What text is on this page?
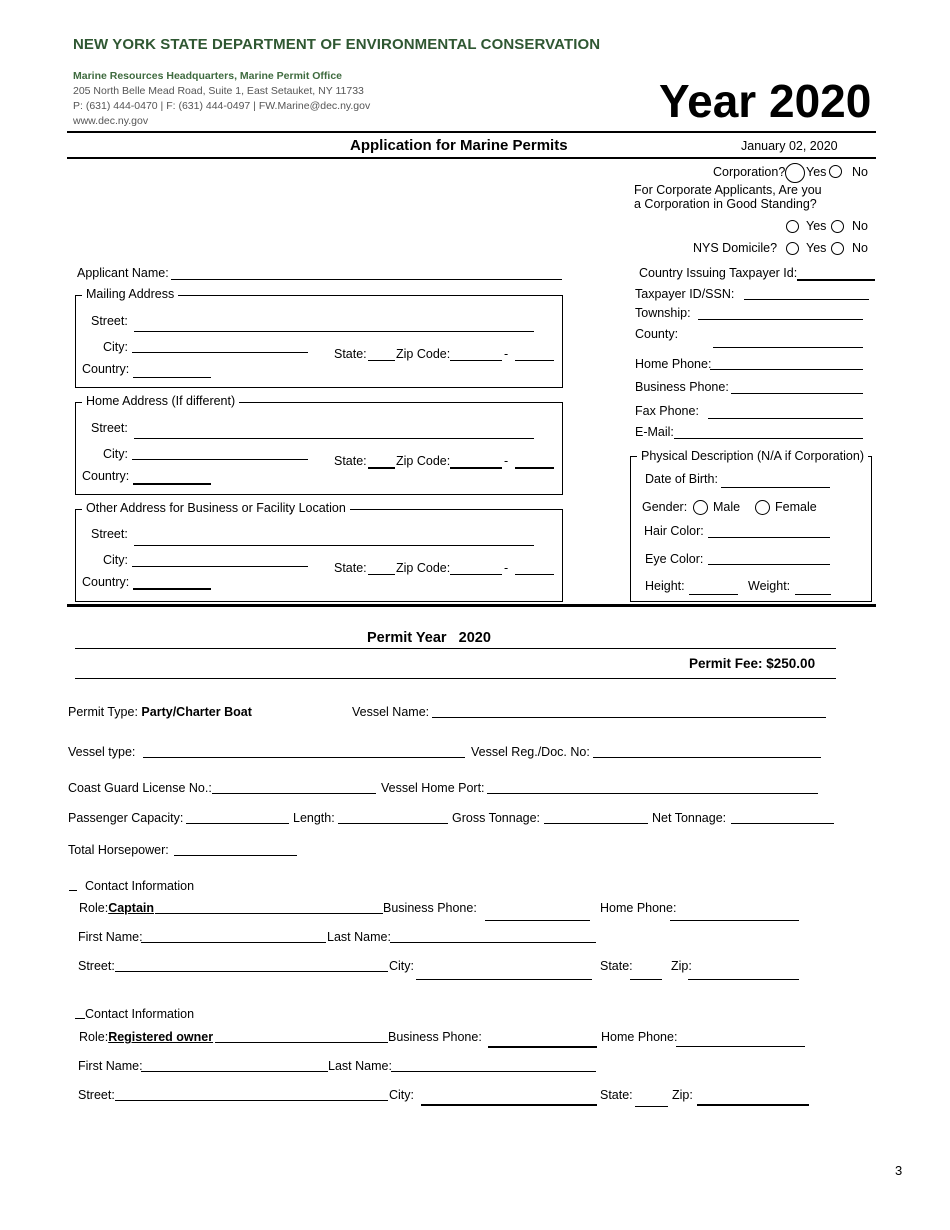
NEW YORK STATE DEPARTMENT OF ENVIRONMENTAL CONSERVATION
Marine Resources Headquarters, Marine Permit Office
205 North Belle Mead Road, Suite 1, East Setauket, NY 11733
P: (631) 444-0470 | F: (631) 444-0497 | FW.Marine@dec.ny.gov
www.dec.ny.gov	Year 2020
Application for Marine Permits	January 02, 2020
Corporation? Yes No
For Corporate Applicants, Are you
a Corporation in Good Standing?
Yes No
NYS Domicile? Yes No
Applicant Name:
Mailing Address
Street:
City:	State: Zip Code:	-
Country:
Home Address (If different)
Street:
City:	State: Zip Code:	-
Country:
Other Address for Business or Facility Location
Street:
City:
State: Zip Code:	-
Country:
Country Issuing Taxpayer Id:
Taxpayer ID/SSN:
Township:
County:
Home Phone:
Business Phone:
Fax Phone:
E-Mail:
Physical Description (N/A if Corporation)
Date of Birth:
Gender: Male	Female
Hair Color:
Eye Color:
Height:	Weight:
Permit Year 2020
Permit Fee: $250.00
Permit Type: Party/Charter Boat	Vessel Name:
Vessel type:	Vessel Reg./Doc. No:
Coast Guard License No.:	Vessel Home Port:
Passenger Capacity:	Length:	Gross Tonnage:	Net Tonnage:
Total Horsepower:
Contact Information
Role:Captain	Business Phone:	Home Phone:
First Name:	Last Name:
Street:	City:	State:	Zip:
Contact Information
Role:Registered owner	Business Phone:	Home Phone:
First Name:	Last Name:
Street:	City:	State:	Zip:
3
